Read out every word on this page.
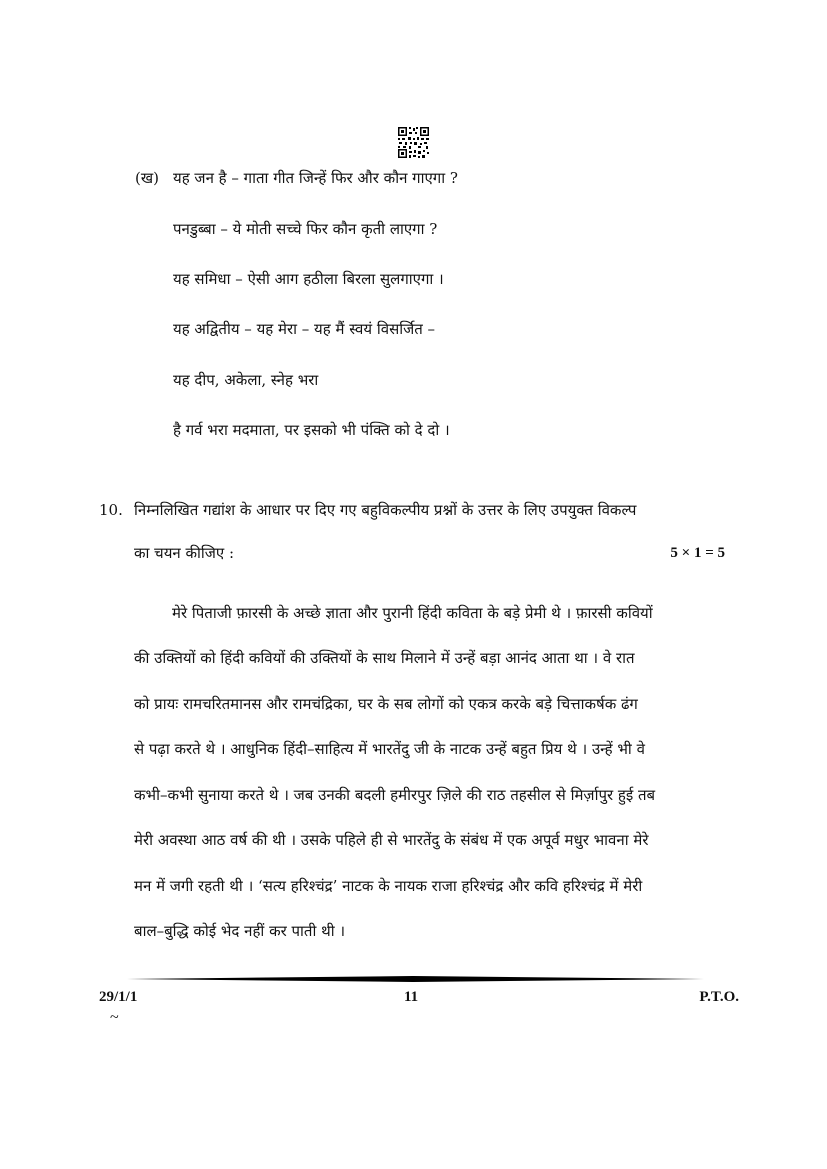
(ख) यह जन है – गाता गीत जिन्हें फिर और कौन गाएगा ?
पनडुब्बा – ये मोती सच्चे फिर कौन कृती लाएगा ?
यह समिधा – ऐसी आग हठीला बिरला सुलगाएगा ।
यह अद्वितीय – यह मेरा – यह मैं स्वयं विसर्जित –
यह दीप, अकेला, स्नेह भरा
है गर्व भरा मदमाता, पर इसको भी पंक्ति को दे दो ।
10. निम्नलिखित गद्यांश के आधार पर दिए गए बहुविकल्पीय प्रश्नों के उत्तर के लिए उपयुक्त विकल्प
का चयन कीजिए :	5 × 1 = 5
मेरे पिताजी फ़ारसी के अच्छे ज्ञाता और पुरानी हिंदी कविता के बड़े प्रेमी थे । फ़ारसी कवियों
की उक्तियों को हिंदी कवियों की उक्तियों के साथ मिलाने में उन्हें बड़ा आनंद आता था । वे रात
को प्रायः रामचरितमानस और रामचंद्रिका, घर के सब लोगों को एकत्र करके बड़े चित्ताकर्षक ढंग
से पढ़ा करते थे । आधुनिक हिंदी–साहित्य में भारतेंदु जी के नाटक उन्हें बहुत प्रिय थे । उन्हें भी वे
कभी–कभी सुनाया करते थे । जब उनकी बदली हमीरपुर ज़िले की राठ तहसील से मिर्ज़ापुर हुई तब
मेरी अवस्था आठ वर्ष की थी । उसके पहिले ही से भारतेंदु के संबंध में एक अपूर्व मधुर भावना मेरे
मन में जगी रहती थी । ‘सत्य हरिश्चंद्र’ नाटक के नायक राजा हरिश्चंद्र और कवि हरिश्चंद्र में मेरी
बाल–बुद्धि कोई भेद नहीं कर पाती थी ।
29/1/1	11	P.T.O.
~
